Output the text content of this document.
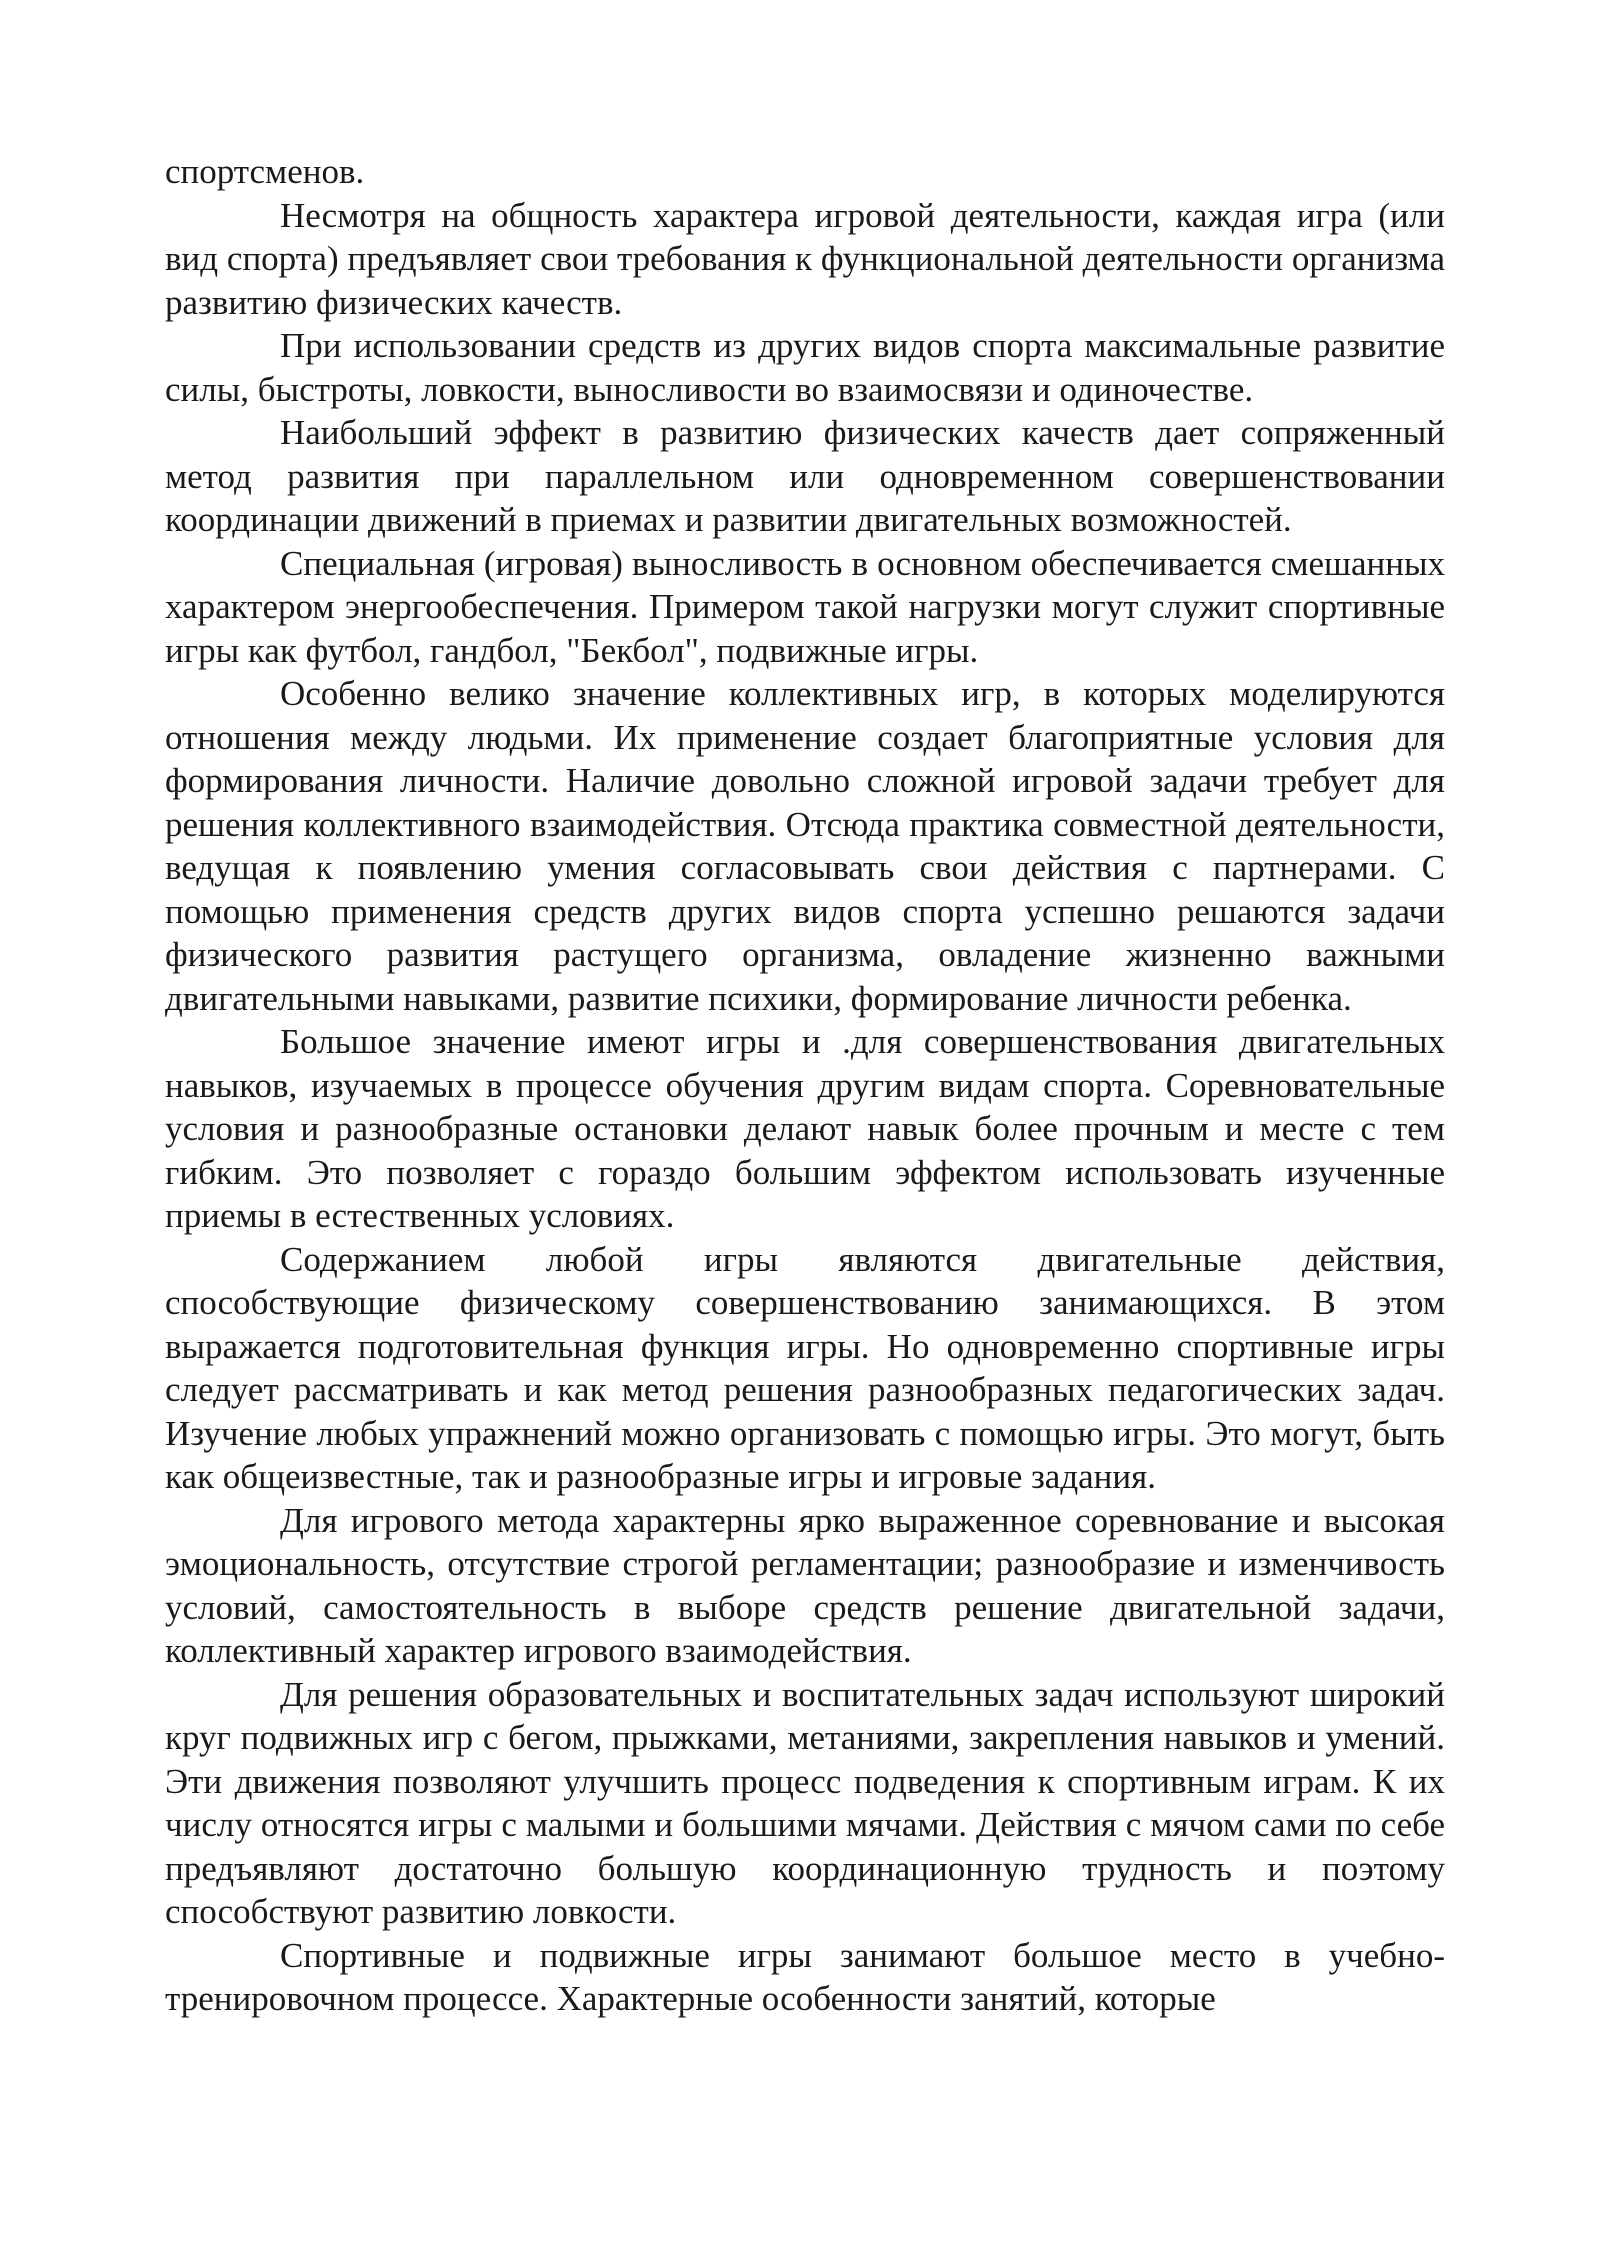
спортсменов.

Несмотря на общность характера игровой деятельности, каждая игра (или вид спорта) предъявляет свои требования к функциональной деятельности организма развитию физических качеств.

При использовании средств из других видов спорта максимальные развитие силы, быстроты, ловкости, выносливости во взаимосвязи и одиночестве.

Наибольший эффект в развитию физических качеств дает сопряженный метод развития при параллельном или одновременном совершенствовании координации движений в приемах и развитии двигательных возможностей.

Специальная (игровая) выносливость в основном обеспечивается смешанных характером энергообеспечения. Примером такой нагрузки могут служит спортивные игры как футбол, гандбол, "Бекбол", подвижные игры.

Особенно велико значение коллективных игр, в которых моделируются отношения между людьми. Их применение создает благоприятные условия для формирования личности. Наличие довольно сложной игровой задачи требует для решения коллективного взаимодействия. Отсюда практика совместной деятельности, ведущая к появлению умения согласовывать свои действия с партнерами. С помощью применения средств других видов спорта успешно решаются задачи физического развития растущего организма, овладение жизненно важными двигательными навыками, развитие психики, формирование личности ребенка.

Большое значение имеют игры и .для совершенствования двигательных навыков, изучаемых в процессе обучения другим видам спорта. Соревновательные условия и разнообразные остановки делают навык более прочным и месте с тем гибким. Это позволяет с гораздо большим эффектом использовать изученные приемы в естественных условиях.

Содержанием любой игры являются двигательные действия, способствующие физическому совершенствованию занимающихся. В этом выражается подготовительная функция игры. Но одновременно спортивные игры следует рассматривать и как метод решения разнообразных педагогических задач. Изучение любых упражнений можно организовать с помощью игры. Это могут, быть как общеизвестные, так и разнообразные игры и игровые задания.

Для игрового метода характерны ярко выраженное соревнование и высокая эмоциональность, отсутствие строгой регламентации; разнообразие и изменчивость условий, самостоятельность в выборе средств решение двигательной задачи, коллективный характер игрового взаимодействия.

Для решения образовательных и воспитательных задач используют широкий круг подвижных игр с бегом, прыжками, метаниями, закрепления навыков и умений. Эти движения позволяют улучшить процесс подведения к спортивным играм. К их числу относятся игры с малыми и большими мячами. Действия с мячом сами по себе предъявляют достаточно большую координационную трудность и поэтому способствуют развитию ловкости.

Спортивные и подвижные игры занимают большое место в учебно-тренировочном процессе. Характерные особенности занятий, которые
